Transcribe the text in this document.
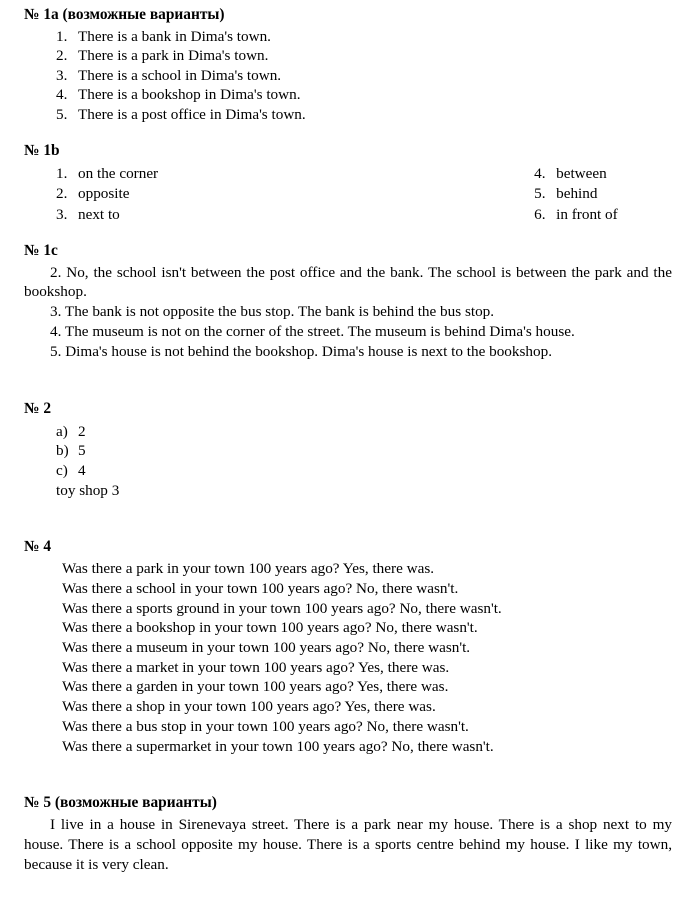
№ 1a (возможные варианты)
1. There is a bank in Dima's town.
2. There is a park in Dima's town.
3. There is a school in Dima's town.
4. There is a bookshop in Dima's town.
5. There is a post office in Dima's town.
№ 1b
1. on the corner
2. opposite
3. next to
4. between
5. behind
6. in front of
№ 1c

2. No, the school isn't between the post office and the bank. The school is between the park and the bookshop.

3. The bank is not opposite the bus stop. The bank is behind the bus stop.

4. The museum is not on the corner of the street. The museum is behind Dima's house.

5. Dima's house is not behind the bookshop. Dima's house is next to the bookshop.

№ 2
a) 2
b) 5
c) 4
toy shop 3
№ 4
Was there a park in your town 100 years ago? Yes, there was.
Was there a school in your town 100 years ago? No, there wasn't.
Was there a sports ground in your town 100 years ago? No, there wasn't.
Was there a bookshop in your town 100 years ago? No, there wasn't.
Was there a museum in your town 100 years ago? No, there wasn't.
Was there a market in your town 100 years ago? Yes, there was.
Was there a garden in your town 100 years ago? Yes, there was.
Was there a shop in your town 100 years ago? Yes, there was.
Was there a bus stop in your town 100 years ago? No, there wasn't.
Was there a supermarket in your town 100 years ago? No, there wasn't.
№ 5 (возможные варианты)

I live in a house in Sirenevaya street. There is a park near my house. There is a shop next to my house. There is a school opposite my house. There is a sports centre behind my house. I like my town, because it is very clean.
